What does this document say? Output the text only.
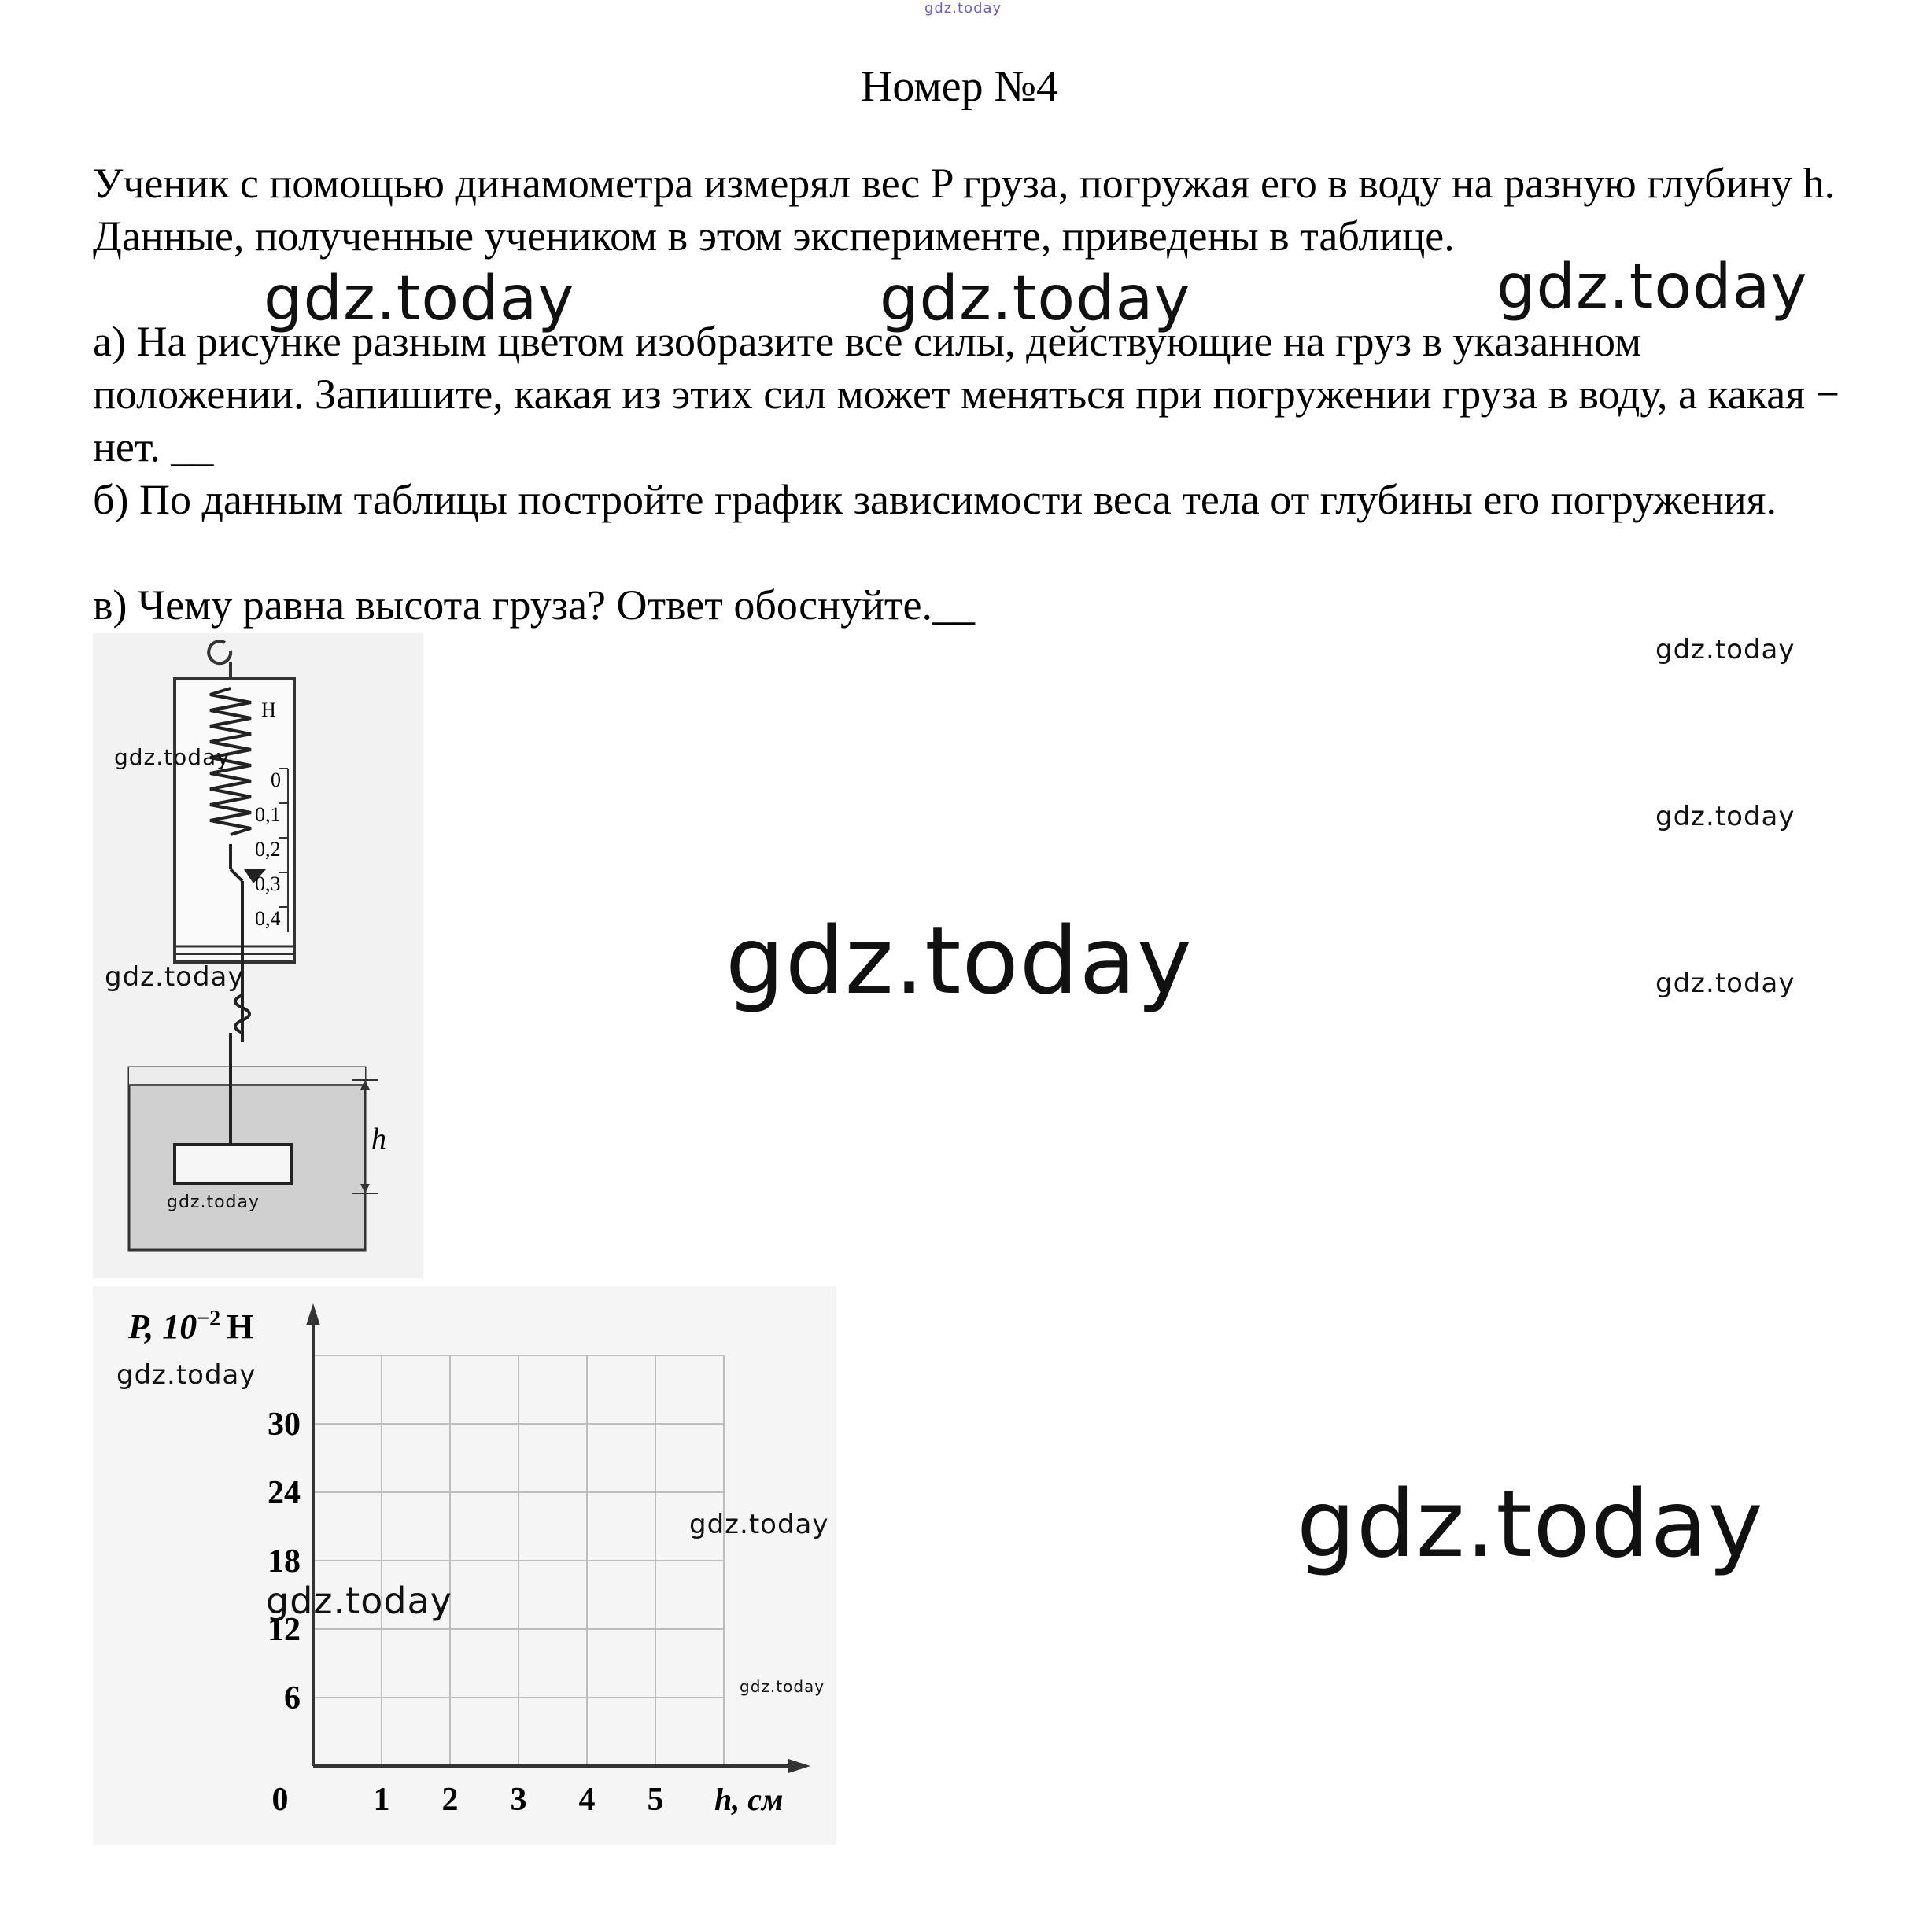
gdz.today
Номер №4
Ученик с помощью динамометра измерял вес P груза, погружая его в воду на разную глубину h. Данные, полученные учеником в этом эксперименте, приведены в таблице.
а) На рисунке разным цветом изобразите все силы, действующие на груз в указанном положении. Запишите, какая из этих сил может меняться при погружении груза в воду, а какая − нет. __
б) По данным таблицы постройте график зависимости веса тела от глубины его погружения.
в) Чему равна высота груза? Ответ обоснуйте.__
Н
0
0,1
0,2
0,3
0,4
h
0	1 2 3 4 5
6
12
18
24
30
P, $10^{-2}$ Н
h, см
gdz.today	gdz.today	gdz.today
gdz.today
gdz.today
gdz.today
gdz.today
gdz.today
gdz.today
gdz.today
gdz.today
gdz.today
gdz.today
gdz.today
gdz.today
